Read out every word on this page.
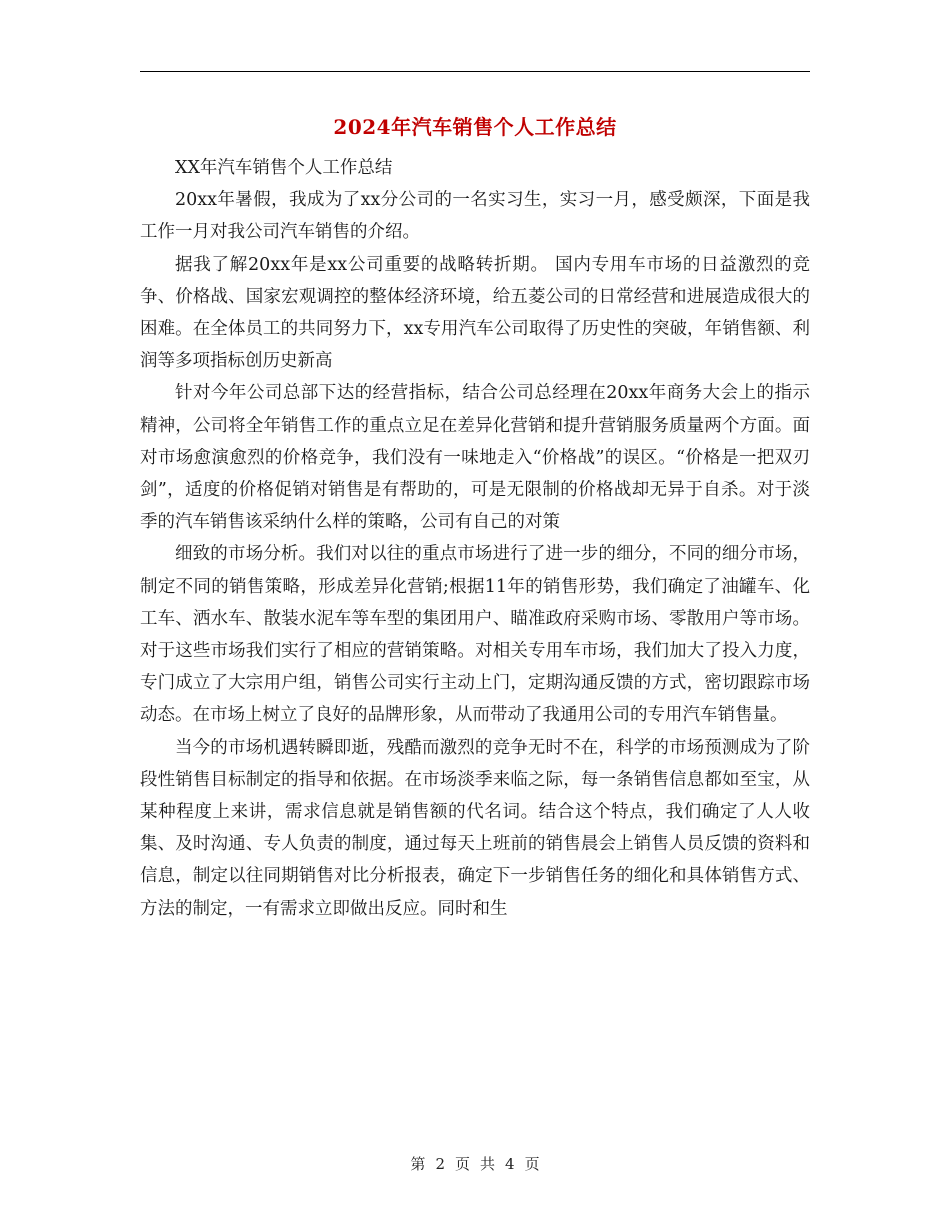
2024年汽车销售个人工作总结

XX年汽车销售个人工作总结

20xx年暑假，我成为了xx分公司的一名实习生，实习一月，感受颇深，下面是我工作一月对我公司汽车销售的介绍。

据我了解20xx年是xx公司重要的战略转折期。 国内专用车市场的日益激烈的竞争、价格战、国家宏观调控的整体经济环境，给五菱公司的日常经营和进展造成很大的困难。在全体员工的共同努力下，xx专用汽车公司取得了历史性的突破，年销售额、利润等多项指标创历史新高

针对今年公司总部下达的经营指标，结合公司总经理在20xx年商务大会上的指示精神，公司将全年销售工作的重点立足在差异化营销和提升营销服务质量两个方面。面对市场愈演愈烈的价格竞争，我们没有一味地走入“价格战”的误区。“价格是一把双刃剑”，适度的价格促销对销售是有帮助的，可是无限制的价格战却无异于自杀。对于淡季的汽车销售该采纳什么样的策略，公司有自己的对策

细致的市场分析。我们对以往的重点市场进行了进一步的细分，不同的细分市场，制定不同的销售策略，形成差异化营销;根据11年的销售形势，我们确定了油罐车、化工车、洒水车、散装水泥车等车型的集团用户、瞄准政府采购市场、零散用户等市场。对于这些市场我们实行了相应的营销策略。对相关专用车市场，我们加大了投入力度，专门成立了大宗用户组，销售公司实行主动上门，定期沟通反馈的方式，密切跟踪市场动态。在市场上树立了良好的品牌形象，从而带动了我通用公司的专用汽车销售量。

当今的市场机遇转瞬即逝，残酷而激烈的竞争无时不在，科学的市场预测成为了阶段性销售目标制定的指导和依据。在市场淡季来临之际，每一条销售信息都如至宝，从某种程度上来讲，需求信息就是销售额的代名词。结合这个特点，我们确定了人人收集、及时沟通、专人负责的制度，通过每天上班前的销售晨会上销售人员反馈的资料和信息，制定以往同期销售对比分析报表，确定下一步销售任务的细化和具体销售方式、方法的制定，一有需求立即做出反应。同时和生

第 2 页 共 4 页
